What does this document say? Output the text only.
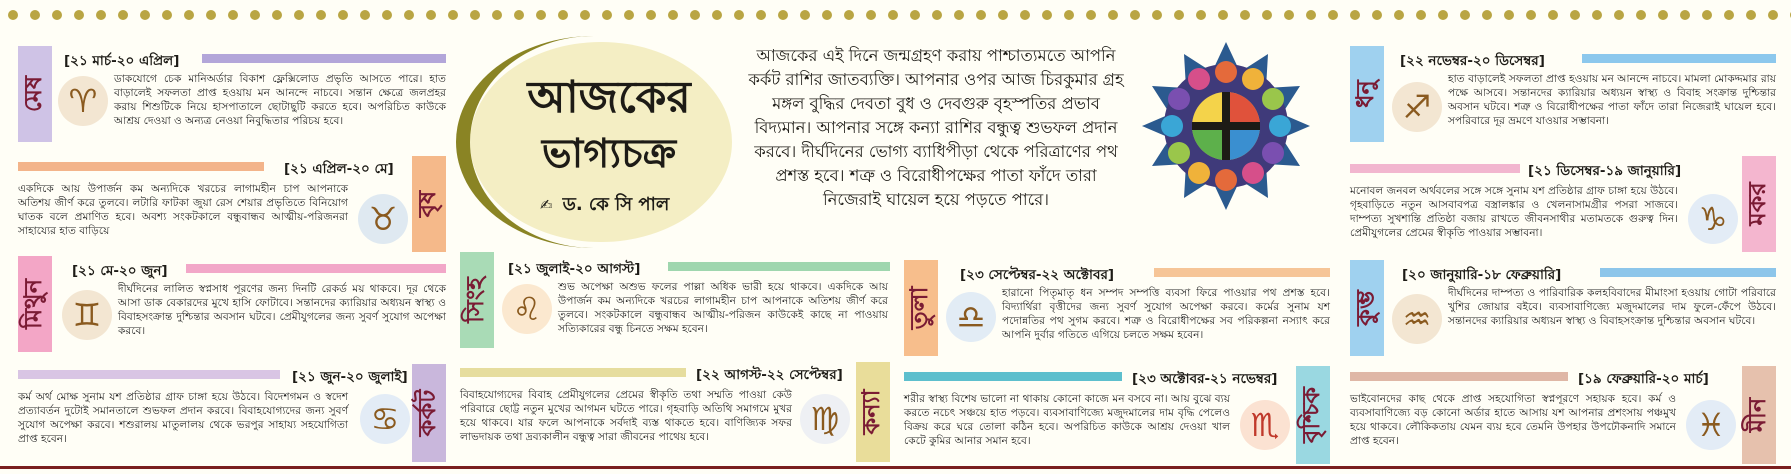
আজকের
ভাগ্যচক্র
✍ ড. কে সি পাল
আজকের এই দিনে জন্মগ্রহণ করায় পাশ্চাত্যমতে আপনি কর্কট রাশির জাতব্যক্তি। আপনার ওপর আজ চিরকুমার গ্রহ মঙ্গল বুদ্ধির দেবতা বুধ ও দেবগুরু বৃহস্পতির প্রভাব বিদ্যমান। আপনার সঙ্গে কন্যা রাশির বন্ধুত্ব শুভফল প্রদান করবে। দীর্ঘদিনের ভোগ্য ব্যাধিপীড়া থেকে পরিত্রাণের পথ প্রশস্ত হবে। শত্রু ও বিরোধীপক্ষের পাতা ফাঁদে তারা নিজেরাই ঘায়েল হয়ে পড়তে পারে।
মেষ
[২১ মার্চ-২০ এপ্রিল]
♈
ডাকযোগে চেক মানিঅর্ডার বিকাশ ফ্লেক্সিলোড প্রভৃতি আসতে পারে। হাত বাড়ালেই সফলতা প্রাপ্ত হওয়ায় মন আনন্দে নাচবে। সন্তান ক্ষেত্রে জলপ্রহর করায় শিশুটিকে নিয়ে হাসপাতালে ছোটাছুটি করতে হবে। অপরিচিত কাউকে আশ্রয় দেওয়া ও অন্যত্র নেওয়া নিবুদ্ধিতার পরিচয় হবে।
বৃষ
[২১ এপ্রিল-২০ মে]
একদিকে আয় উপার্জন কম অন্যদিকে খরচের লাগামহীন চাপ আপনাকে অতিশয় জীর্ণ করে তুলবে। লটারি ফাটকা জুয়া রেস শেয়ার প্রভৃতিতে বিনিয়োগ ঘাতক বলে প্রমাণিত হবে। অবশ্য সংকটকালে বন্ধুবান্ধব আত্মীয়-পরিজনরা সাহায্যের হাত বাড়িয়ে	♉
মিথুন
[২১ মে-২০ জুন]
♊
দীর্ঘদিনের লালিত স্বপ্নসাধ পূরণের জন্য দিনটি রেকর্ড ময় থাকবে। দূর থেকে আসা ডাক বেকারদের মুখে হাসি ফোটাবে। সন্তানদের ক্যারিয়ার অধ্যয়ন স্বাস্থ্য ও বিবাহসংক্রান্ত দুশ্চিন্তার অবসান ঘটবে। প্রেমীযুগলের জন্য সুবর্ণ সুযোগ অপেক্ষা করবে।
কর্কট
[২১ জুন-২০ জুলাই]
কর্ম অর্থ মোক্ষ সুনাম যশ প্রতিষ্ঠার গ্রাফ চাঙ্গা হয়ে উঠবে। বিদেশগমন ও স্বদেশ প্রত্যাবর্তন দুটোই সমানতালে শুভফল প্রদান করবে। বিবাহযোগ্যদের জন্য সুবর্ণ সুযোগ অপেক্ষা করবে। শশুরালয় মাতুলালয় থেকে ভরপুর সাহায্য সহযোগিতা প্রাপ্ত হবেন।
♋
সিংহ
[২১ জুলাই-২০ আগস্ট]
♌
শুভ অপেক্ষা অশুভ ফলের পাল্লা অধিক ভারী হয়ে থাকবে। একদিকে আয় উপার্জন কম অন্যদিকে খরচের লাগামহীন চাপ আপনাকে অতিশয় জীর্ণ করে তুলবে। সংকটকালে বন্ধুবান্ধব আত্মীয়-পরিজন কাউকেই কাছে না পাওয়ায় সত্যিকারের বন্ধু চিনতে সক্ষম হবেন।
কন্যা
[২২ আগস্ট-২২ সেপ্টেম্বর]
বিবাহযোগ্যদের বিবাহ প্রেমীযুগলের প্রেমের স্বীকৃতি তথা সম্মতি পাওয়া কেউ পরিবারে ছোট্ট নতুন মুখের আগমন ঘটতে পারে। গৃহবাড়ি অতিথি সমাগমে মুখর হয়ে থাকবে। যার ফলে আপনাকে সর্বদাই ব্যস্ত থাকতে হবে। বাণিজ্যিক সফর লাভদায়ক তথা দ্রব্যকালীন বন্ধুত্ব সারা জীবনের পাথেয় হবে।	♍
তুলা
[২৩ সেপ্টেম্বর-২২ অক্টোবর]
♎
হারানো পিতৃমাতৃ ধন সম্পদ সম্পত্তি ব্যবসা ফিরে পাওয়ার পথ প্রশস্ত হবে। বিদ্যার্থিরা বৃত্তীদের জন্য সুবর্ণ সুযোগ অপেক্ষা করবে। কর্মের সুনাম যশ পদোন্নতির পথ সুগম করবে। শত্রু ও বিরোধীপক্ষের সব পরিকল্পনা নস্যাৎ করে আপনি দুর্বার গতিতে এগিয়ে চলতে সক্ষম হবেন।
বৃশ্চিক
[২৩ অক্টোবর-২১ নভেম্বর]
শরীর স্বাস্থ্য বিশেষ ভালো না থাকায় কোনো কাজে মন বসবে না। আয় বুঝে ব্যয় করতে নচেৎ সঞ্চয়ে হাত পড়বে। ব্যবসাবাণিজ্যে মজুদমালের দাম বৃদ্ধি পেলেও বিক্রয় করে ঘরে তোলা কঠিন হবে। অপরিচিত কাউকে আশ্রয় দেওয়া খাল কেটে কুমির আনার সমান হবে।	♏
ধনু
[২২ নভেম্বর-২০ ডিসেম্বর]
♐
হাত বাড়ালেই সফলতা প্রাপ্ত হওয়ায় মন আনন্দে নাচবে। মামলা মোকদ্দমার রায় পক্ষে আসবে। সন্তানদের ক্যারিয়ার অধ্যয়ন স্বাস্থ্য ও বিবাহ সংক্রান্ত দুশ্চিন্তার অবসান ঘটবে। শত্রু ও বিরোধীপক্ষের পাতা ফাঁদে তারা নিজেরাই ঘায়েল হবে। সপরিবারে দূর ভ্রমণে যাওয়ার সম্ভাবনা।
মকর
[২১ ডিসেম্বর-১৯ জানুয়ারি]
মনোবল জনবল অর্থবলের সঙ্গে সঙ্গে সুনাম যশ প্রতিষ্ঠার গ্রাফ চাঙ্গা হয়ে উঠবে। গৃহবাড়িতে নতুন আসবাবপত্র বস্ত্রালঙ্কার ও খেলনাসামগ্রীর পসরা সাজবে। দাম্পত্য সুখশান্তি প্রতিষ্ঠা বজায় রাখতে জীবনসাথীর মতামতকে গুরুত্ব দিন। প্রেমীযুগলের প্রেমের স্বীকৃতি পাওয়ার সম্ভাবনা।	♑
কুম্ভ
[২০ জানুয়ারি-১৮ ফেব্রুয়ারি]
♒
দীর্ঘদিনের দাম্পত্য ও পারিবারিক কলহবিবাদের মীমাংসা হওয়ায় গোটা পরিবারে খুশির জোয়ার বইবে। ব্যবসাবাণিজ্যে মজুদমালের দাম ফুলে-ফেঁপে উঠবে। সন্তানদের ক্যারিয়ার অধ্যয়ন স্বাস্থ্য ও বিবাহসংক্রান্ত দুশ্চিন্তার অবসান ঘটবে।
মীন
[১৯ ফেব্রুয়ারি-২০ মার্চ]
ভাইবোনদের কাছ থেকে প্রাপ্ত সহযোগিতা স্বপ্নপূরণে সহায়ক হবে। কর্ম ও ব্যবসাবাণিজ্যে বড় কোনো অর্ডার হাতে আসায় যশ আপনার প্রশংসায় পঞ্চমুখ হয়ে থাকবে। লৌকিকতায় যেমন ব্যয় হবে তেমনি উপহার উপঢৌকনাদি সমানে প্রাপ্ত হবেন।	♓
